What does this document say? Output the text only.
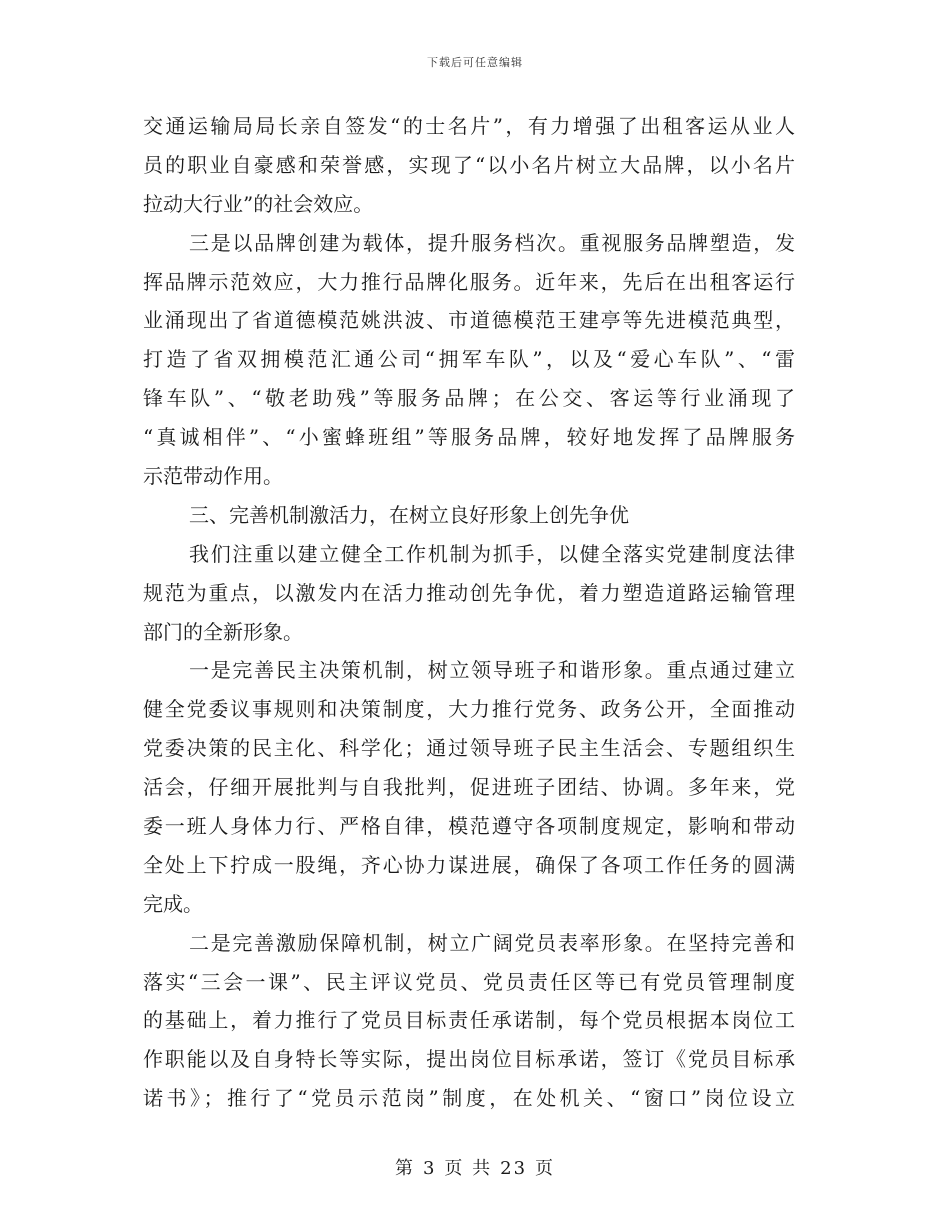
下载后可任意编辑
交通运输局局长亲自签发“的士名片”，有力增强了出租客运从业人
员的职业自豪感和荣誉感，实现了“以小名片树立大品牌，以小名片
拉动大行业”的社会效应。
三是以品牌创建为载体，提升服务档次。重视服务品牌塑造，发
挥品牌示范效应，大力推行品牌化服务。近年来，先后在出租客运行
业涌现出了省道德模范姚洪波、市道德模范王建亭等先进模范典型，
打造了省双拥模范汇通公司“拥军车队”，以及“爱心车队”、“雷
锋车队”、“敬老助残”等服务品牌；在公交、客运等行业涌现了
“真诚相伴”、“小蜜蜂班组”等服务品牌，较好地发挥了品牌服务
示范带动作用。
三、完善机制激活力，在树立良好形象上创先争优
我们注重以建立健全工作机制为抓手，以健全落实党建制度法律
规范为重点，以激发内在活力推动创先争优，着力塑造道路运输管理
部门的全新形象。
一是完善民主决策机制，树立领导班子和谐形象。重点通过建立
健全党委议事规则和决策制度，大力推行党务、政务公开，全面推动
党委决策的民主化、科学化；通过领导班子民主生活会、专题组织生
活会，仔细开展批判与自我批判，促进班子团结、协调。多年来，党
委一班人身体力行、严格自律，模范遵守各项制度规定，影响和带动
全处上下拧成一股绳，齐心协力谋进展，确保了各项工作任务的圆满
完成。
二是完善激励保障机制，树立广阔党员表率形象。在坚持完善和
落实“三会一课”、民主评议党员、党员责任区等已有党员管理制度
的基础上，着力推行了党员目标责任承诺制，每个党员根据本岗位工
作职能以及自身特长等实际，提出岗位目标承诺，签订《党员目标承
诺书》；推行了“党员示范岗”制度，在处机关、“窗口”岗位设立
第 3 页 共 23 页
